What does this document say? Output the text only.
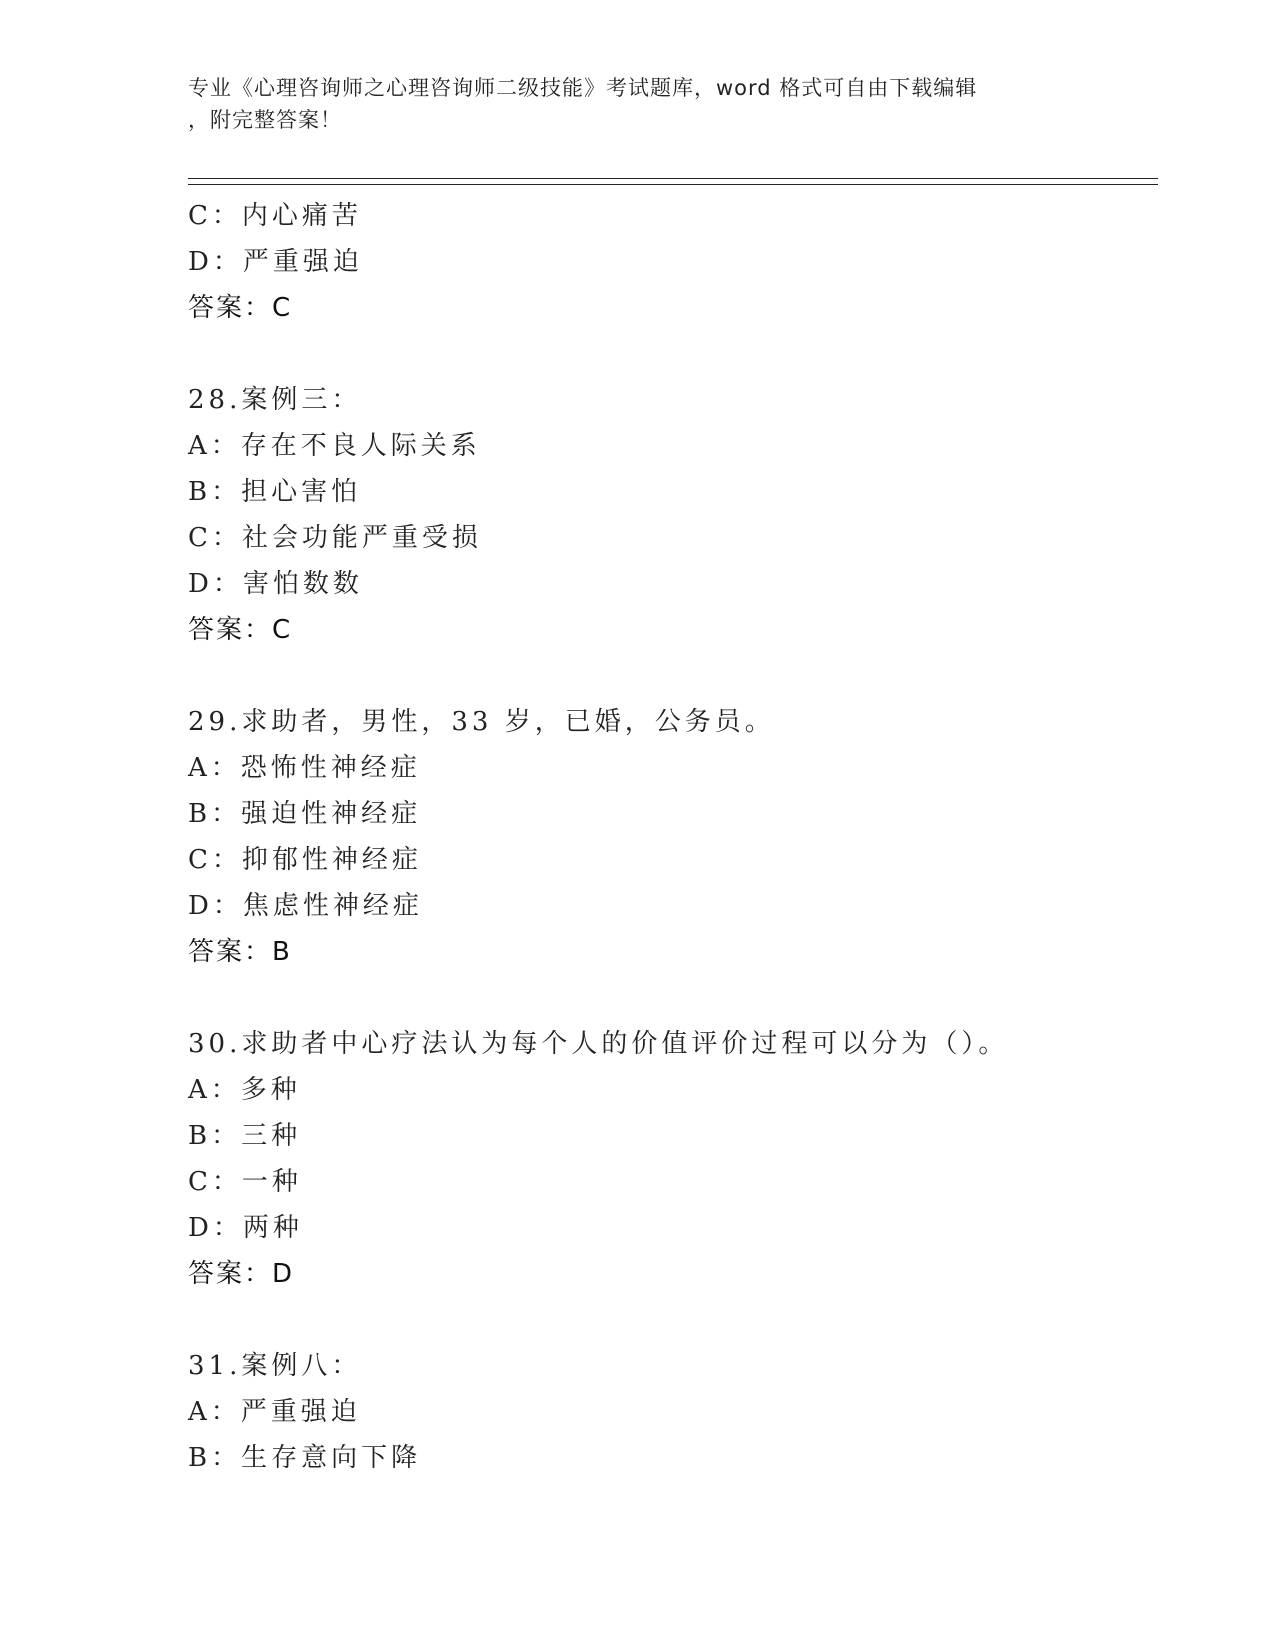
专业《心理咨询师之心理咨询师二级技能》考试题库，word 格式可自由下载编辑
，附完整答案！
C：内心痛苦
D：严重强迫
答案：C
28.案例三：
A：存在不良人际关系
B：担心害怕
C：社会功能严重受损
D：害怕数数
答案：C
29.求助者，男性，33 岁，已婚，公务员。
A：恐怖性神经症
B：强迫性神经症
C：抑郁性神经症
D：焦虑性神经症
答案：B
30.求助者中心疗法认为每个人的价值评价过程可以分为（）。
A：多种
B：三种
C：一种
D：两种
答案：D
31.案例八：
A：严重强迫
B：生存意向下降
